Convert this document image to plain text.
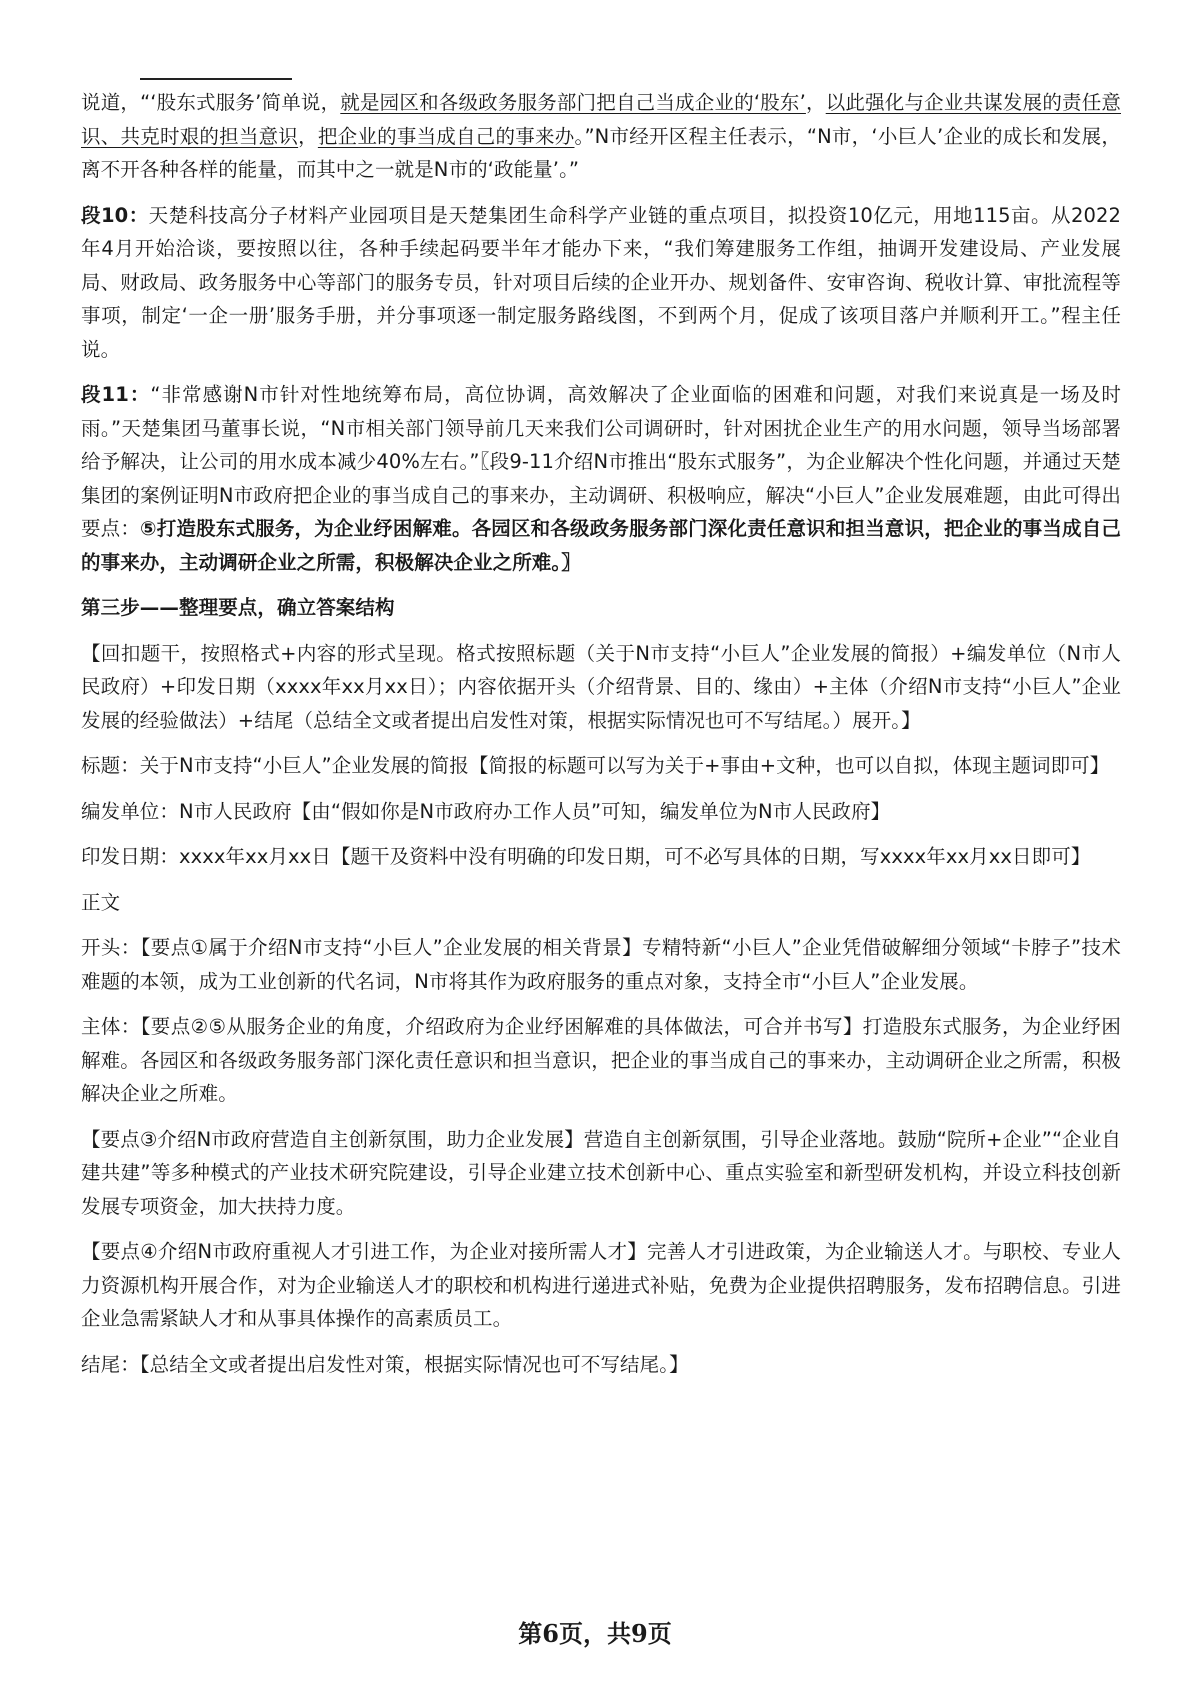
说道，“‘股东式服务’简单说，就是园区和各级政务服务部门把自己当成企业的‘股东’，以此强化与企业共谋发展的责任意识、共克时艰的担当意识，把企业的事当成自己的事来办。”N市经开区程主任表示，“N市，‘小巨人’企业的成长和发展，离不开各种各样的能量，而其中之一就是N市的‘政能量’。”

段10：天楚科技高分子材料产业园项目是天楚集团生命科学产业链的重点项目，拟投资10亿元，用地115亩。从2022年4月开始洽谈，要按照以往，各种手续起码要半年才能办下来，“我们筹建服务工作组，抽调开发建设局、产业发展局、财政局、政务服务中心等部门的服务专员，针对项目后续的企业开办、规划备件、安审咨询、税收计算、审批流程等事项，制定‘一企一册’服务手册，并分事项逐一制定服务路线图，不到两个月，促成了该项目落户并顺利开工。”程主任说。

段11：“非常感谢N市针对性地统筹布局，高位协调，高效解决了企业面临的困难和问题，对我们来说真是一场及时雨。”天楚集团马董事长说，“N市相关部门领导前几天来我们公司调研时，针对困扰企业生产的用水问题，领导当场部署给予解决，让公司的用水成本减少40%左右。”〖段9-11介绍N市推出“股东式服务”，为企业解决个性化问题，并通过天楚集团的案例证明N市政府把企业的事当成自己的事来办，主动调研、积极响应，解决“小巨人”企业发展难题，由此可得出要点：⑤打造股东式服务，为企业纾困解难。各园区和各级政务服务部门深化责任意识和担当意识，把企业的事当成自己的事来办，主动调研企业之所需，积极解决企业之所难。〗

第三步——整理要点，确立答案结构

【回扣题干，按照格式+内容的形式呈现。格式按照标题（关于N市支持“小巨人”企业发展的简报）+编发单位（N市人民政府）+印发日期（xxxx年xx月xx日）；内容依据开头（介绍背景、目的、缘由）+主体（介绍N市支持“小巨人”企业发展的经验做法）+结尾（总结全文或者提出启发性对策，根据实际情况也可不写结尾。）展开。】

标题：关于N市支持“小巨人”企业发展的简报【简报的标题可以写为关于+事由+文种，也可以自拟，体现主题词即可】

编发单位：N市人民政府【由“假如你是N市政府办工作人员”可知，编发单位为N市人民政府】

印发日期：xxxx年xx月xx日【题干及资料中没有明确的印发日期，可不必写具体的日期，写xxxx年xx月xx日即可】

正文

开头：【要点①属于介绍N市支持“小巨人”企业发展的相关背景】专精特新“小巨人”企业凭借破解细分领域“卡脖子”技术难题的本领，成为工业创新的代名词，N市将其作为政府服务的重点对象，支持全市“小巨人”企业发展。

主体：【要点②⑤从服务企业的角度，介绍政府为企业纾困解难的具体做法，可合并书写】打造股东式服务，为企业纾困解难。各园区和各级政务服务部门深化责任意识和担当意识，把企业的事当成自己的事来办，主动调研企业之所需，积极解决企业之所难。

【要点③介绍N市政府营造自主创新氛围，助力企业发展】营造自主创新氛围，引导企业落地。鼓励“院所+企业”“企业自建共建”等多种模式的产业技术研究院建设，引导企业建立技术创新中心、重点实验室和新型研发机构，并设立科技创新发展专项资金，加大扶持力度。

【要点④介绍N市政府重视人才引进工作，为企业对接所需人才】完善人才引进政策，为企业输送人才。与职校、专业人力资源机构开展合作，对为企业输送人才的职校和机构进行递进式补贴，免费为企业提供招聘服务，发布招聘信息。引进企业急需紧缺人才和从事具体操作的高素质员工。

结尾：【总结全文或者提出启发性对策，根据实际情况也可不写结尾。】

第6页，共9页
